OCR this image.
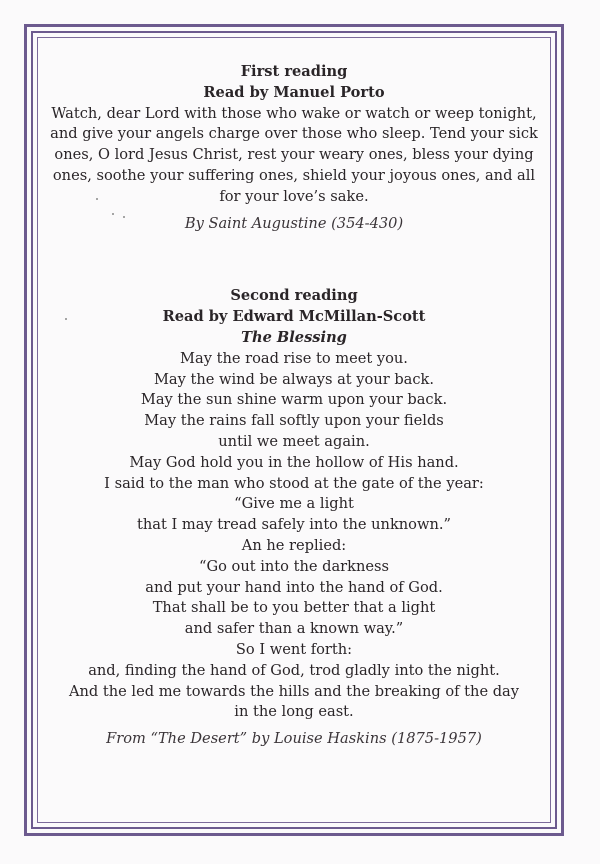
First reading
Read by Manuel Porto
Watch, dear Lord with those who wake or watch or weep tonight,
and give your angels charge over those who sleep. Tend your sick
ones, O lord Jesus Christ, rest your weary ones, bless your dying
ones, soothe your suffering ones, shield your joyous ones, and all
for your love’s sake.
By Saint Augustine (354-430)
Second reading
Read by Edward McMillan-Scott
The Blessing
May the road rise to meet you.
May the wind be always at your back.
May the sun shine warm upon your back.
May the rains fall softly upon your fields
until we meet again.
May God hold you in the hollow of His hand.
I said to the man who stood at the gate of the year:
“Give me a light
that I may tread safely into the unknown.”
An he replied:
“Go out into the darkness
and put your hand into the hand of God.
That shall be to you better that a light
and safer than a known way.”
So I went forth:
and, finding the hand of God, trod gladly into the night.
And the led me towards the hills and the breaking of the day
in the long east.
From “The Desert” by Louise Haskins (1875-1957)
